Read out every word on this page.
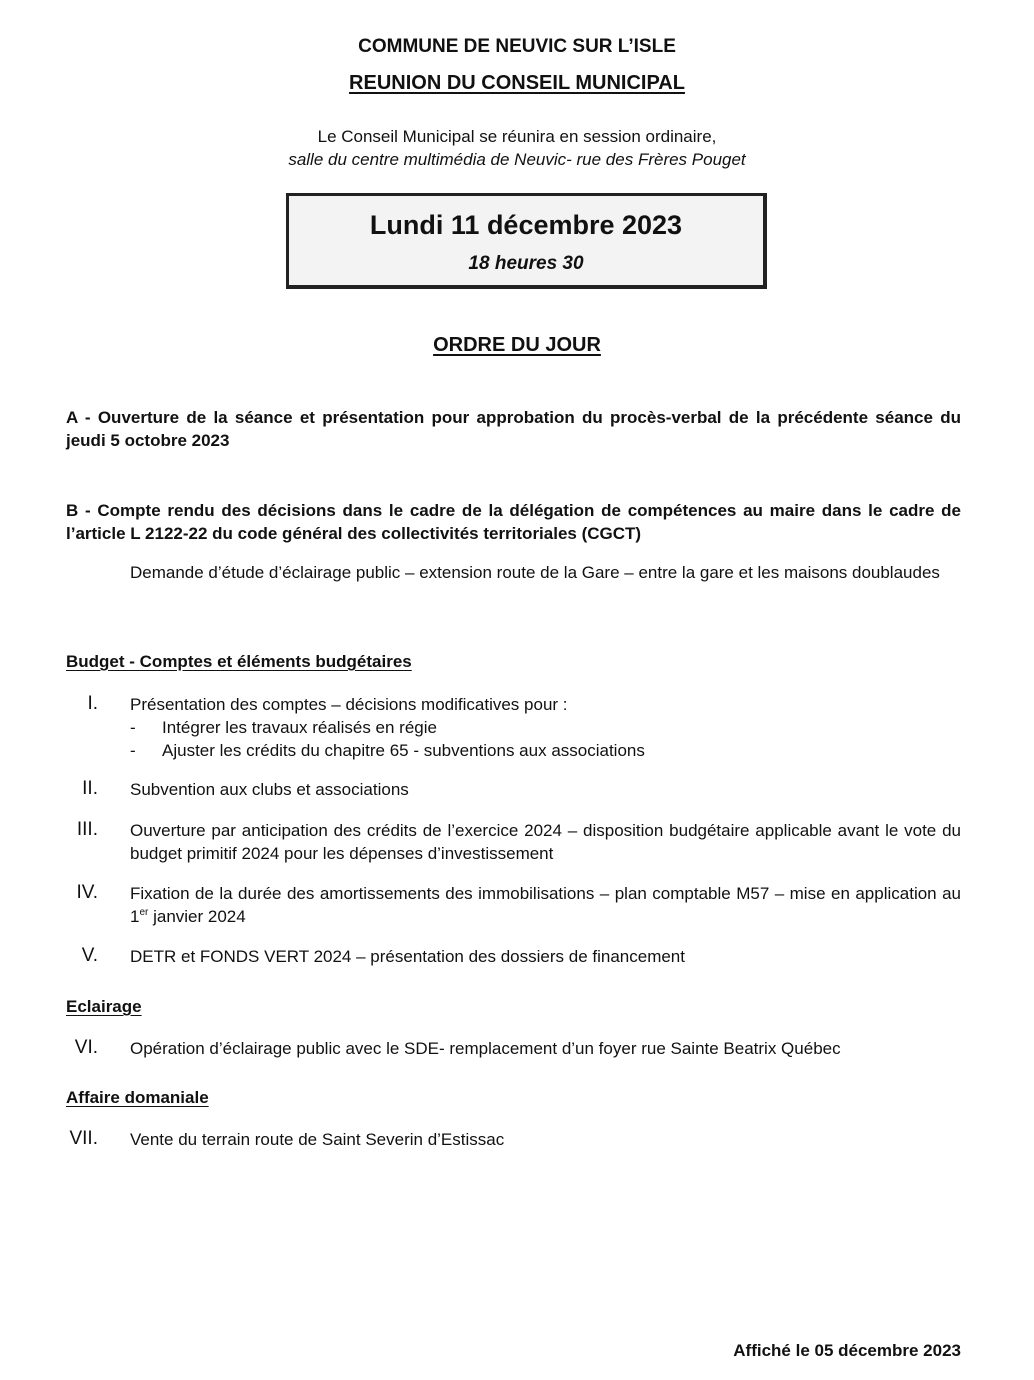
COMMUNE DE NEUVIC SUR L’ISLE
REUNION DU CONSEIL MUNICIPAL
Le Conseil Municipal se réunira en session ordinaire,
salle du centre multimédia de Neuvic- rue des Frères Pouget
Lundi 11 décembre 2023
18 heures 30
ORDRE DU JOUR
A - Ouverture de la séance et présentation pour approbation du procès-verbal de la précédente séance du jeudi 5 octobre 2023
B - Compte rendu des décisions dans le cadre de la délégation de compétences au maire dans le cadre de l’article L 2122-22 du code général des collectivités territoriales (CGCT)
Demande d’étude d’éclairage public – extension route de la Gare – entre la gare et les maisons doublaudes
Budget - Comptes et éléments budgétaires
I. Présentation des comptes – décisions modificatives pour :
- Intégrer les travaux réalisés en régie
- Ajuster les crédits du chapitre 65 - subventions aux associations
II. Subvention aux clubs et associations
III. Ouverture par anticipation des crédits de l’exercice 2024 – disposition budgétaire applicable avant le vote du budget primitif 2024 pour les dépenses d’investissement
IV. Fixation de la durée des amortissements des immobilisations – plan comptable M57 – mise en application au 1er janvier 2024
V. DETR et FONDS VERT 2024 – présentation des dossiers de financement
Eclairage
VI. Opération d’éclairage public avec le SDE- remplacement d’un foyer rue Sainte Beatrix Québec
Affaire domaniale
VII. Vente du terrain route de Saint Severin d’Estissac
Affiché le 05 décembre 2023
